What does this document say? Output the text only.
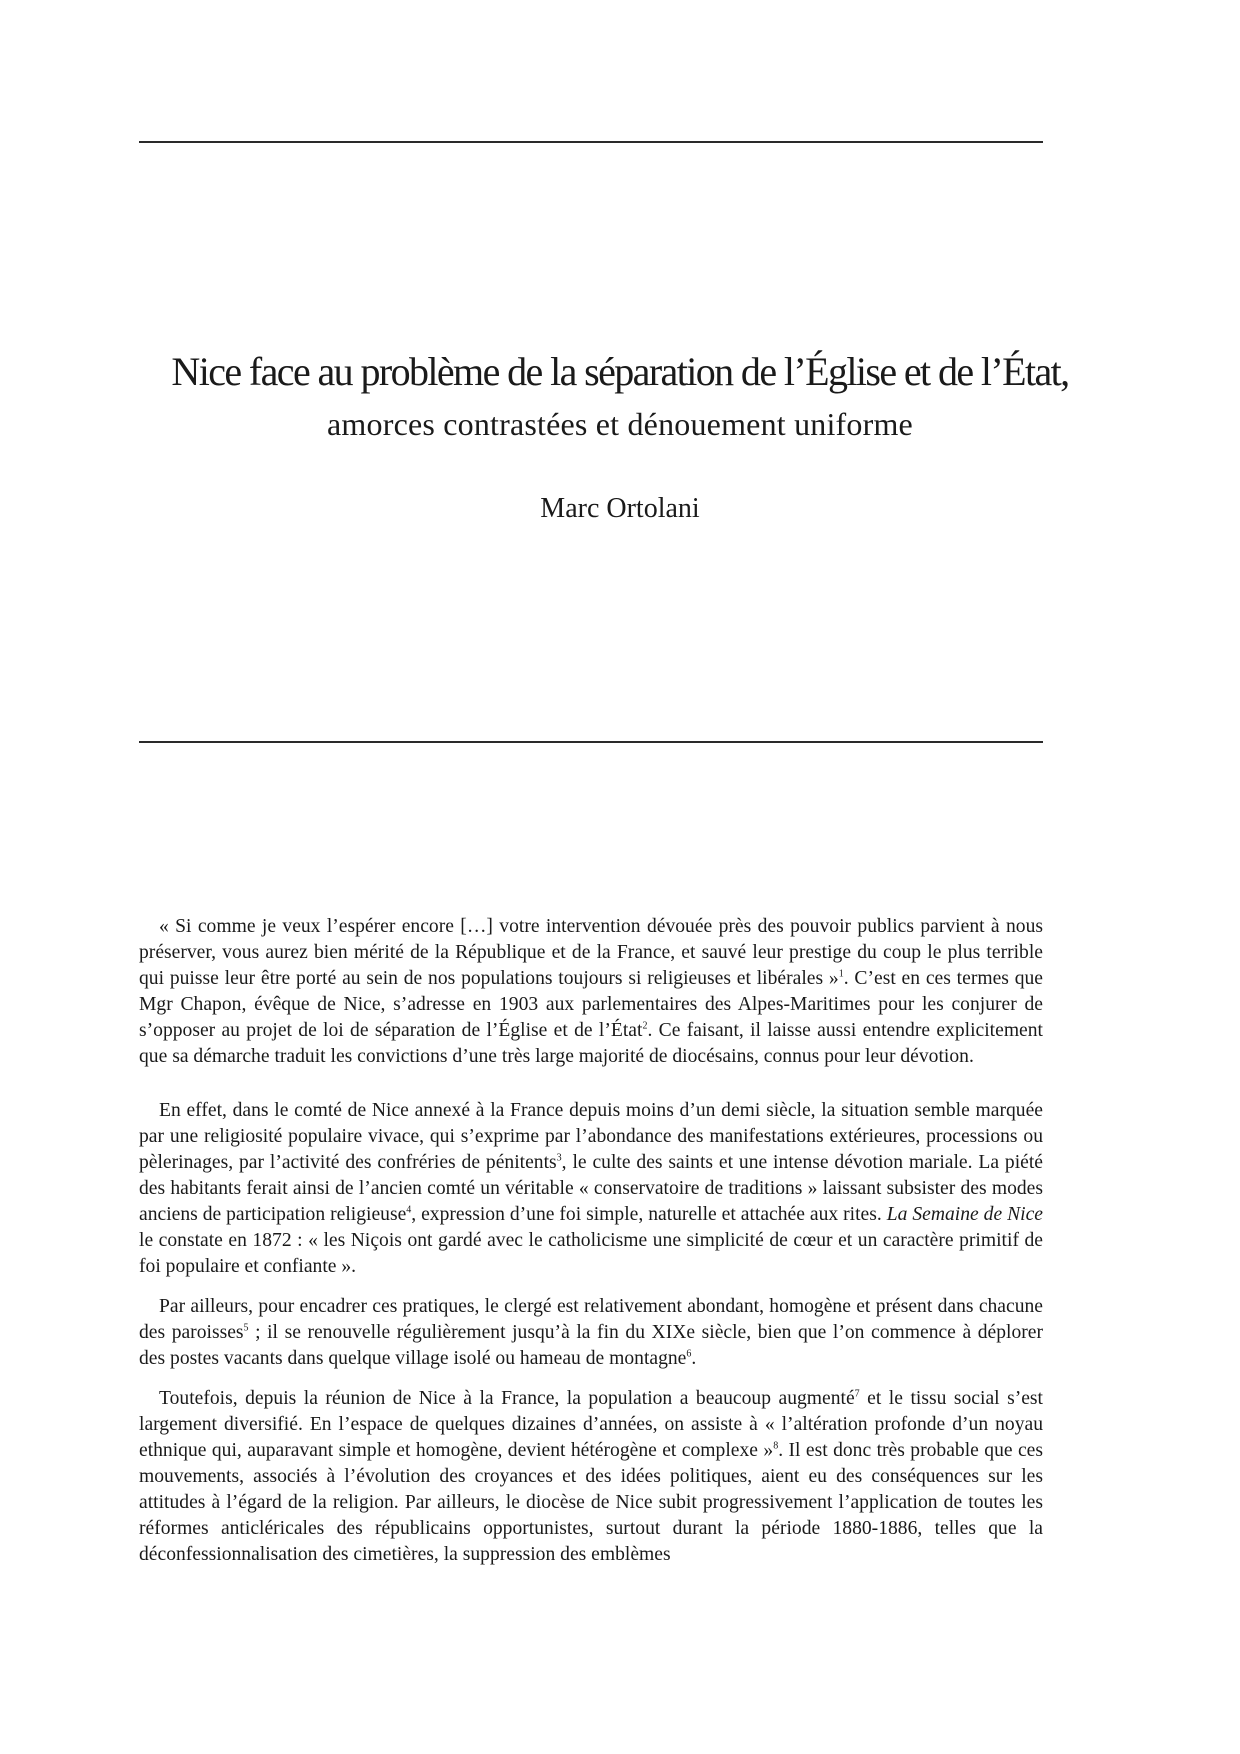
Nice face au problème de la séparation de l’Église et de l’État,
amorces contrastées et dénouement uniforme
Marc Ortolani

« Si comme je veux l’espérer encore […] votre intervention dévouée près des pouvoir publics parvient à nous préserver, vous aurez bien mérité de la République et de la France, et sauvé leur prestige du coup le plus terrible qui puisse leur être porté au sein de nos populations toujours si religieuses et libérales »$^1$. C’est en ces termes que Mgr Chapon, évêque de Nice, s’adresse en 1903 aux parlementaires des Alpes-Maritimes pour les conjurer de s’opposer au projet de loi de séparation de l’Église et de l’État$^2$. Ce faisant, il laisse aussi entendre explicitement que sa démarche traduit les convictions d’une très large majorité de diocésains, connus pour leur dévotion.

En effet, dans le comté de Nice annexé à la France depuis moins d’un demi siècle, la situation semble marquée par une religiosité populaire vivace, qui s’exprime par l’abondance des manifestations extérieures, processions ou pèlerinages, par l’activité des confréries de pénitents$^3$, le culte des saints et une intense dévotion mariale. La piété des habitants ferait ainsi de l’ancien comté un véritable « conservatoire de traditions » laissant subsister des modes anciens de participation religieuse$^4$, expression d’une foi simple, naturelle et attachée aux rites. La Semaine de Nice le constate en 1872 : « les Niçois ont gardé avec le catholicisme une simplicité de cœur et un caractère primitif de foi populaire et confiante ».

Par ailleurs, pour encadrer ces pratiques, le clergé est relativement abondant, homogène et présent dans chacune des paroisses$^5$ ; il se renouvelle régulièrement jusqu’à la fin du XIXe siècle, bien que l’on commence à déplorer des postes vacants dans quelque village isolé ou hameau de montagne$^6$.

Toutefois, depuis la réunion de Nice à la France, la population a beaucoup augmenté$^7$ et le tissu social s’est largement diversifié. En l’espace de quelques dizaines d’années, on assiste à « l’altération profonde d’un noyau ethnique qui, auparavant simple et homogène, devient hétérogène et complexe »$^8$. Il est donc très probable que ces mouvements, associés à l’évolution des croyances et des idées politiques, aient eu des conséquences sur les attitudes à l’égard de la religion. Par ailleurs, le diocèse de Nice subit progressivement l’application de toutes les réformes anticléricales des républicains opportunistes, surtout durant la période 1880-1886, telles que la déconfessionnalisation des cimetières, la suppression des emblèmes
